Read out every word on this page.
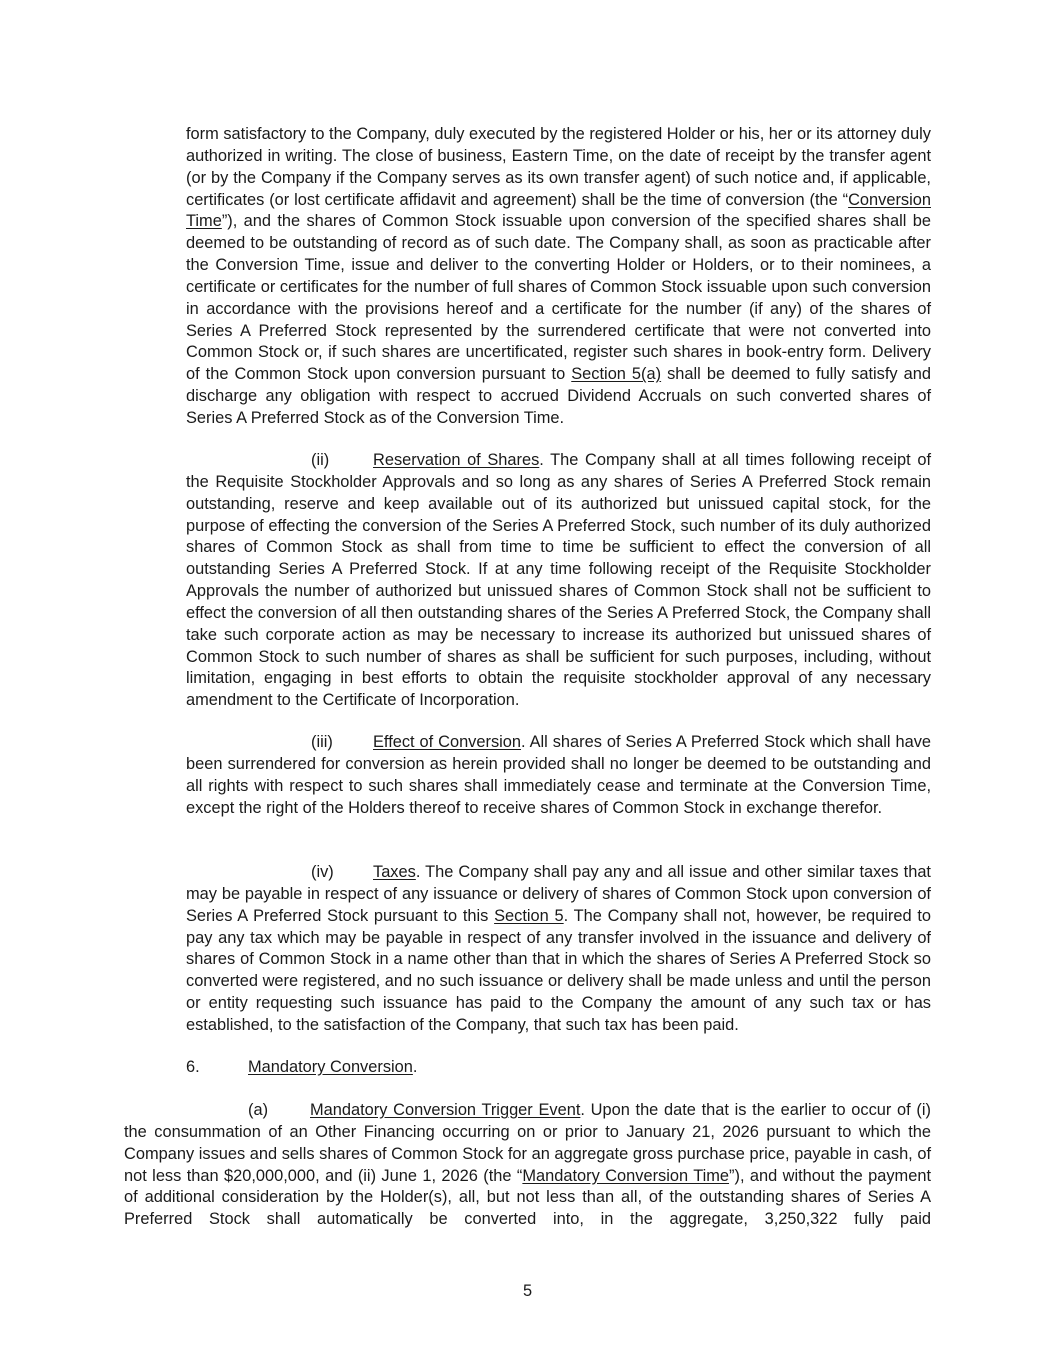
form satisfactory to the Company, duly executed by the registered Holder or his, her or its attorney duly authorized in writing. The close of business, Eastern Time, on the date of receipt by the transfer agent (or by the Company if the Company serves as its own transfer agent) of such notice and, if applicable, certificates (or lost certificate affidavit and agreement) shall be the time of conversion (the “Conversion Time”), and the shares of Common Stock issuable upon conversion of the specified shares shall be deemed to be outstanding of record as of such date. The Company shall, as soon as practicable after the Conversion Time, issue and deliver to the converting Holder or Holders, or to their nominees, a certificate or certificates for the number of full shares of Common Stock issuable upon such conversion in accordance with the provisions hereof and a certificate for the number (if any) of the shares of Series A Preferred Stock represented by the surrendered certificate that were not converted into Common Stock or, if such shares are uncertificated, register such shares in book-entry form. Delivery of the Common Stock upon conversion pursuant to Section 5(a) shall be deemed to fully satisfy and discharge any obligation with respect to accrued Dividend Accruals on such converted shares of Series A Preferred Stock as of the Conversion Time.

(ii)	Reservation of Shares. The Company shall at all times following receipt of the Requisite Stockholder Approvals and so long as any shares of Series A Preferred Stock remain outstanding, reserve and keep available out of its authorized but unissued capital stock, for the purpose of effecting the conversion of the Series A Preferred Stock, such number of its duly authorized shares of Common Stock as shall from time to time be sufficient to effect the conversion of all outstanding Series A Preferred Stock. If at any time following receipt of the Requisite Stockholder Approvals the number of authorized but unissued shares of Common Stock shall not be sufficient to effect the conversion of all then outstanding shares of the Series A Preferred Stock, the Company shall take such corporate action as may be necessary to increase its authorized but unissued shares of Common Stock to such number of shares as shall be sufficient for such purposes, including, without limitation, engaging in best efforts to obtain the requisite stockholder approval of any necessary amendment to the Certificate of Incorporation.

(iii) Effect of Conversion. All shares of Series A Preferred Stock which shall have been surrendered for conversion as herein provided shall no longer be deemed to be outstanding and all rights with respect to such shares shall immediately cease and terminate at the Conversion Time, except the right of the Holders thereof to receive shares of Common Stock in exchange therefor.

(iv) Taxes. The Company shall pay any and all issue and other similar taxes that may be payable in respect of any issuance or delivery of shares of Common Stock upon conversion of Series A Preferred Stock pursuant to this Section 5. The Company shall not, however, be required to pay any tax which may be payable in respect of any transfer involved in the issuance and delivery of shares of Common Stock in a name other than that in which the shares of Series A Preferred Stock so converted were registered, and no such issuance or delivery shall be made unless and until the person or entity requesting such issuance has paid to the Company the amount of any such tax or has established, to the satisfaction of the Company, that such tax has been paid.

6.	Mandatory Conversion.

(a)	Mandatory Conversion Trigger Event. Upon the date that is the earlier to occur of (i) the consummation of an Other Financing occurring on or prior to January 21, 2026 pursuant to which the Company issues and sells shares of Common Stock for an aggregate gross purchase price, payable in cash, of not less than $20,000,000, and (ii) June 1, 2026 (the “Mandatory Conversion Time”), and without the payment of additional consideration by the Holder(s), all, but not less than all, of the outstanding shares of Series A Preferred Stock shall automatically be converted into, in the aggregate, 3,250,322 fully paid

5
